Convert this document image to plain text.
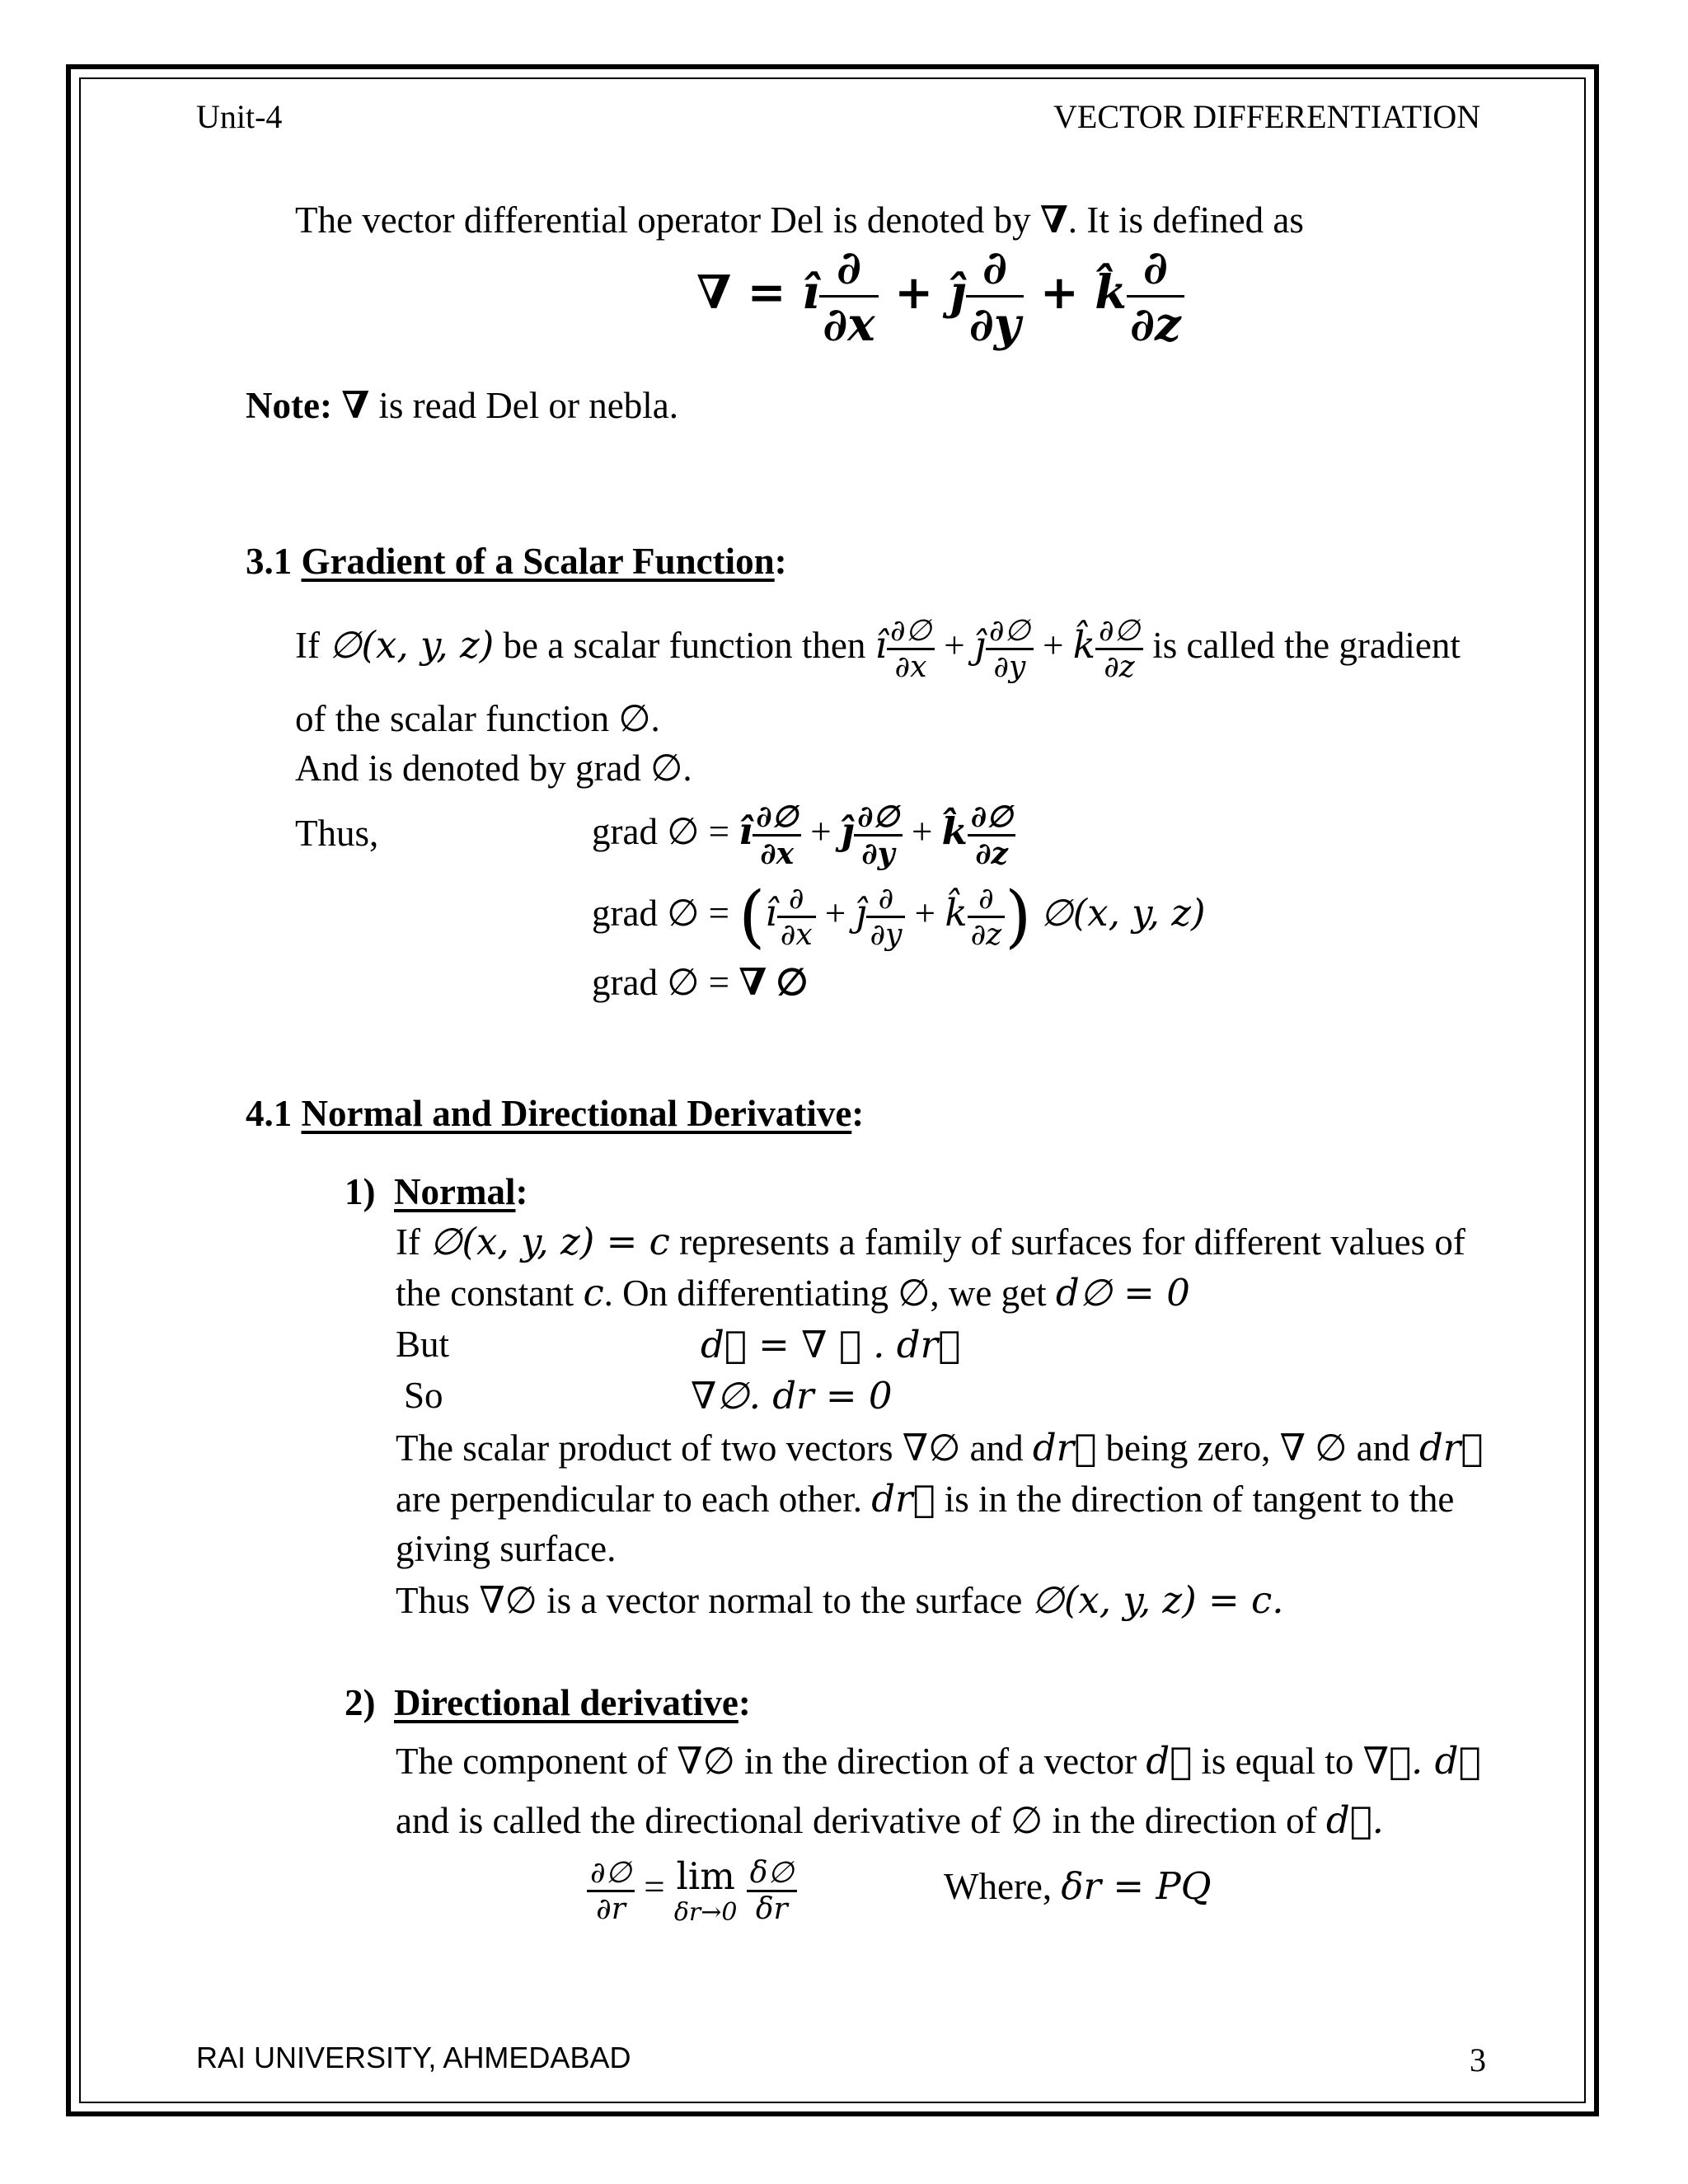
Unit-4	VECTOR DIFFERENTIATION
The vector differential operator Del is denoted by ∇. It is defined as
∇ = ı̂ $\frac{\partial}{\partial x}$ + ȷ̂ $\frac{\partial}{\partial y}$ + k̂ $\frac{\partial}{\partial z}$
Note: ∇ is read Del or nebla.
3.1 Gradient of a Scalar Function:
If ∅(x, y, z) be a scalar function then ı̂ $\frac{\partial\emptyset}{\partial x}$ + ȷ̂ $\frac{\partial\emptyset}{\partial y}$ + k̂ $\frac{\partial\emptyset}{\partial z}$ is called the gradient
of the scalar function ∅.
And is denoted by grad ∅.
Thus,	grad ∅ = ı̂ $\frac{\partial\emptyset}{\partial x}$ + ȷ̂ $\frac{\partial\emptyset}{\partial y}$ + k̂ $\frac{\partial\emptyset}{\partial z}$
grad ∅ = (ı̂ $\frac{\partial}{\partial x}$ + ȷ̂ $\frac{\partial}{\partial y}$ + k̂ $\frac{\partial}{\partial z}$ ) ∅(x, y, z)
grad ∅ = ∇ ∅
4.1 Normal and Directional Derivative:
1) Normal:
If ∅(x, y, z) = c represents a family of surfaces for different values of
the constant c. On differentiating ∅, we get d∅ = 0
But	d∅ = ∇ ∅ . dr⃗
So	∇∅. dr = 0
The scalar product of two vectors ∇∅ and dr⃗ being zero, ∇ ∅ and dr⃗
are perpendicular to each other. dr⃗ is in the direction of tangent to the
giving surface.
Thus ∇∅ is a vector normal to the surface ∅(x, y, z) = c.
2) Directional derivative:
The component of ∇∅ in the direction of a vector d⃗ is equal to ∇∅. d⃗
and is called the directional derivative of ∅ in the direction of d⃗.
$\frac{\partial\emptyset}{\partial r} = \lim$
δr→0
$\frac{\delta\emptyset}{\delta r}$	Where, δr = PQ
RAI UNIVERSITY, AHMEDABAD	3
